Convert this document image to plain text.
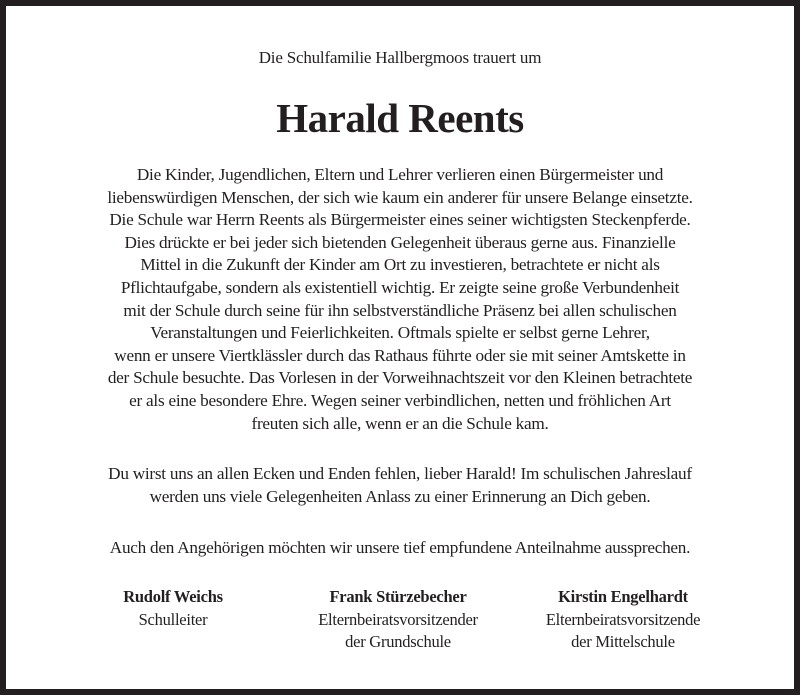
Die Schulfamilie Hallbergmoos trauert um
Harald Reents

Die Kinder, Jugendlichen, Eltern und Lehrer verlieren einen Bürgermeister und
liebenswürdigen Menschen, der sich wie kaum ein anderer für unsere Belange einsetzte.
Die Schule war Herrn Reents als Bürgermeister eines seiner wichtigsten Steckenpferde.
Dies drückte er bei jeder sich bietenden Gelegenheit überaus gerne aus. Finanzielle
Mittel in die Zukunft der Kinder am Ort zu investieren, betrachtete er nicht als
Pflichtaufgabe, sondern als existentiell wichtig. Er zeigte seine große Verbundenheit
mit der Schule durch seine für ihn selbstverständliche Präsenz bei allen schulischen
Veranstaltungen und Feierlichkeiten. Oftmals spielte er selbst gerne Lehrer,
wenn er unsere Viertklässler durch das Rathaus führte oder sie mit seiner Amtskette in
der Schule besuchte. Das Vorlesen in der Vorweihnachtszeit vor den Kleinen betrachtete
er als eine besondere Ehre. Wegen seiner verbindlichen, netten und fröhlichen Art
freuten sich alle, wenn er an die Schule kam.

Du wirst uns an allen Ecken und Enden fehlen, lieber Harald! Im schulischen Jahreslauf
werden uns viele Gelegenheiten Anlass zu einer Erinnerung an Dich geben.

Auch den Angehörigen möchten wir unsere tief empfundene Anteilnahme aussprechen.

Rudolf Weichs
Schulleiter
Frank Stürzebecher
Elternbeiratsvorsitzender
der Grundschule
Kirstin Engelhardt
Elternbeiratsvorsitzende
der Mittelschule
